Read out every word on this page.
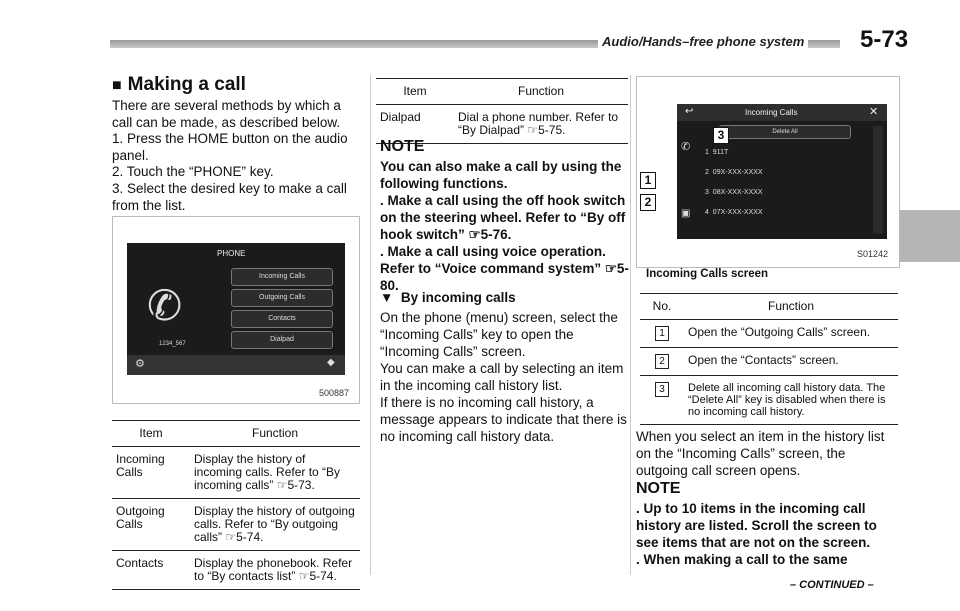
Audio/Hands–free phone system 5-73
■ Making a call

There are several methods by which a call can be made, as described below.

1. Press the HOME button on the audio panel.

2. Touch the “PHONE” key.

3. Select the desired key to make a call from the list.

PHONE
✆
1234_567
Incoming Calls
Outgoing Calls
Contacts
Dialpad
⚙	◆
500887
Item	Function
Incoming Calls	Display the history of incoming calls. Refer to “By incoming calls” ☞5-73.
Outgoing Calls	Display the history of outgoing calls. Refer to “By outgoing calls” ☞5-74.
Contacts	Display the phonebook. Refer to “By contacts list” ☞5-74.
Item	Function
Dialpad	Dial a phone number. Refer to “By Dialpad” ☞5-75.
NOTE

You can also make a call by using the following functions.

. Make a call using the off hook switch on the steering wheel. Refer to “By off hook switch” ☞5-76.

. Make a call using voice operation. Refer to “Voice command system” ☞5-80.

▼ By incoming calls

On the phone (menu) screen, select the “Incoming Calls” key to open the “Incoming Calls” screen.

You can make a call by selecting an item in the incoming call history list.

If there is no incoming call history, a message appears to indicate that there is no incoming call history data.

↩	Incoming Calls	✕
Delete All
✆
▣
1 911T
2 09X-XXX-XXXX
3 08X-XXX-XXXX
4 07X-XXX-XXXX
3
1
2
S01242
Incoming Calls screen
No.	Function
1	Open the “Outgoing Calls” screen.
2	Open the “Contacts” screen.
3	Delete all incoming call history data. The “Delete All” key is disabled when there is no incoming call history.

When you select an item in the history list on the “Incoming Calls” screen, the outgoing call screen opens.

NOTE

. Up to 10 items in the incoming call history are listed. Scroll the screen to see items that are not on the screen.

. When making a call to the same

– CONTINUED –
